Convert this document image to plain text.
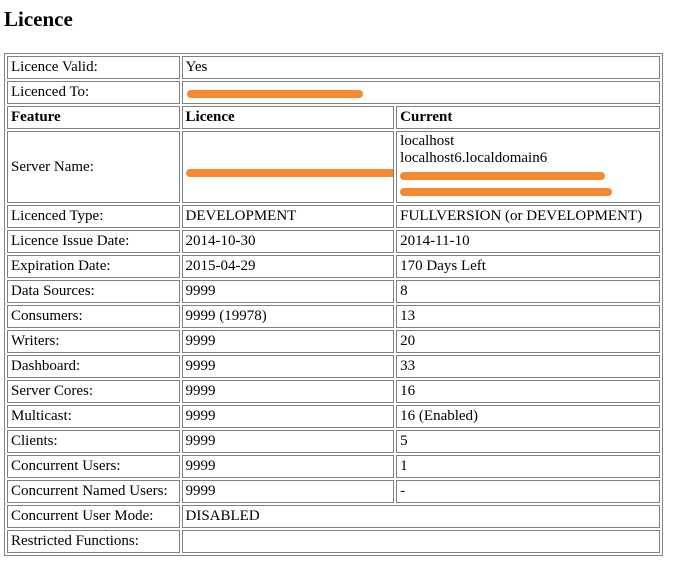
Licence
Licence Valid:	Yes	
Licenced To:		

Feature	Licence	Current
Server Name:		localhost
localhost6.localdomain6

Licenced Type:	DEVELOPMENT	FULLVERSION (or DEVELOPMENT)
Licence Issue Date:	2014-10-30	2014-11-10
Expiration Date:	2015-04-29	170 Days Left
Data Sources:	9999	8
Consumers:	9999 (19978)	13
Writers:	9999	20
Dashboard:	9999	33
Server Cores:	9999	16
Multicast:	9999	16 (Enabled)
Clients:	9999	5
Concurrent Users:	9999	1
Concurrent Named Users:	9999	-
Concurrent User Mode:	DISABLED	
Restricted Functions:		
